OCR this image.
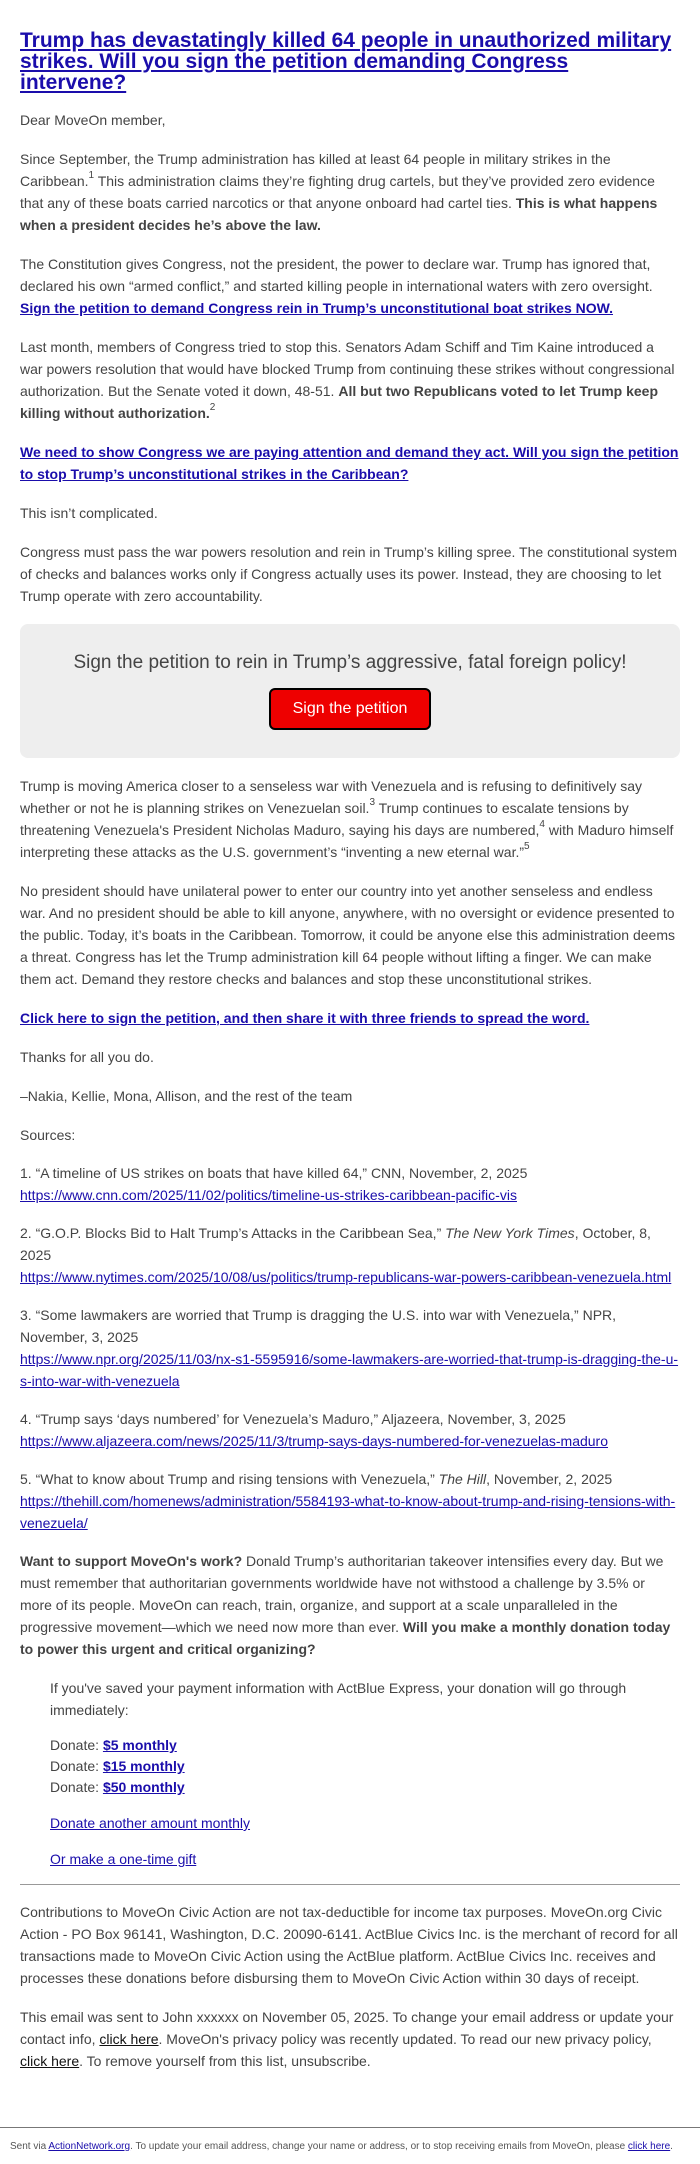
Trump has devastatingly killed 64 people in unauthorized military strikes. Will you sign the petition demanding Congress intervene?

Dear MoveOn member,

Since September, the Trump administration has killed at least 64 people in military strikes in the Caribbean.$^1$ This administration claims they’re fighting drug cartels, but they’ve provided zero evidence that any of these boats carried narcotics or that anyone onboard had cartel ties. This is what happens when a president decides he’s above the law.

The Constitution gives Congress, not the president, the power to declare war. Trump has ignored that, declared his own “armed conflict,” and started killing people in international waters with zero oversight. Sign the petition to demand Congress rein in Trump’s unconstitutional boat strikes NOW.

Last month, members of Congress tried to stop this. Senators Adam Schiff and Tim Kaine introduced a war powers resolution that would have blocked Trump from continuing these strikes without congressional authorization. But the Senate voted it down, 48-51. All but two Republicans voted to let Trump keep killing without authorization.$^2$

We need to show Congress we are paying attention and demand they act. Will you sign the petition to stop Trump’s unconstitutional strikes in the Caribbean?

This isn’t complicated.

Congress must pass the war powers resolution and rein in Trump’s killing spree. The constitutional system of checks and balances works only if Congress actually uses its power. Instead, they are choosing to let Trump operate with zero accountability.

Sign the petition to rein in Trump’s aggressive, fatal foreign policy!
Sign the petition

Trump is moving America closer to a senseless war with Venezuela and is refusing to definitively say whether or not he is planning strikes on Venezuelan soil.$^3$ Trump continues to escalate tensions by threatening Venezuela's President Nicholas Maduro, saying his days are numbered,$^4$ with Maduro himself interpreting these attacks as the U.S. government’s “inventing a new eternal war.”$^5$

No president should have unilateral power to enter our country into yet another senseless and endless war. And no president should be able to kill anyone, anywhere, with no oversight or evidence presented to the public. Today, it’s boats in the Caribbean. Tomorrow, it could be anyone else this administration deems a threat. Congress has let the Trump administration kill 64 people without lifting a finger. We can make them act. Demand they restore checks and balances and stop these unconstitutional strikes.

Click here to sign the petition, and then share it with three friends to spread the word.

Thanks for all you do.

–Nakia, Kellie, Mona, Allison, and the rest of the team

Sources:

1. “A timeline of US strikes on boats that have killed 64,” CNN, November, 2, 2025
https://www.cnn.com/2025/11/02/politics/timeline-us-strikes-caribbean-pacific-vis

2. “G.O.P. Blocks Bid to Halt Trump’s Attacks in the Caribbean Sea,” The New York Times, October, 8, 2025
https://www.nytimes.com/2025/10/08/us/politics/trump-republicans-war-powers-caribbean-venezuela.html

3. “Some lawmakers are worried that Trump is dragging the U.S. into war with Venezuela,” NPR, November, 3, 2025
https://www.npr.org/2025/11/03/nx-s1-5595916/some-lawmakers-are-worried-that-trump-is-dragging-the-u-s-into-war-with-venezuela

4. “Trump says ‘days numbered’ for Venezuela’s Maduro,” Aljazeera, November, 3, 2025
https://www.aljazeera.com/news/2025/11/3/trump-says-days-numbered-for-venezuelas-maduro

5. “What to know about Trump and rising tensions with Venezuela,” The Hill, November, 2, 2025
https://thehill.com/homenews/administration/5584193-what-to-know-about-trump-and-rising-tensions-with-venezuela/

Want to support MoveOn's work? Donald Trump’s authoritarian takeover intensifies every day. But we must remember that authoritarian governments worldwide have not withstood a challenge by 3.5% or more of its people. MoveOn can reach, train, organize, and support at a scale unparalleled in the progressive movement—which we need now more than ever. Will you make a monthly donation today to power this urgent and critical organizing?

If you've saved your payment information with ActBlue Express, your donation will go through immediately:

Donate: $5 monthly
Donate: $15 monthly
Donate: $50 monthly

Donate another amount monthly

Or make a one-time gift

Contributions to MoveOn Civic Action are not tax-deductible for income tax purposes. MoveOn.org Civic Action - PO Box 96141, Washington, D.C. 20090-6141. ActBlue Civics Inc. is the merchant of record for all transactions made to MoveOn Civic Action using the ActBlue platform. ActBlue Civics Inc. receives and processes these donations before disbursing them to MoveOn Civic Action within 30 days of receipt.

This email was sent to John xxxxxx on November 05, 2025. To change your email address or update your contact info, click here. MoveOn's privacy policy was recently updated. To read our new privacy policy, click here. To remove yourself from this list, unsubscribe.

Sent via ActionNetwork.org. To update your email address, change your name or address, or to stop receiving emails from MoveOn, please click here.
